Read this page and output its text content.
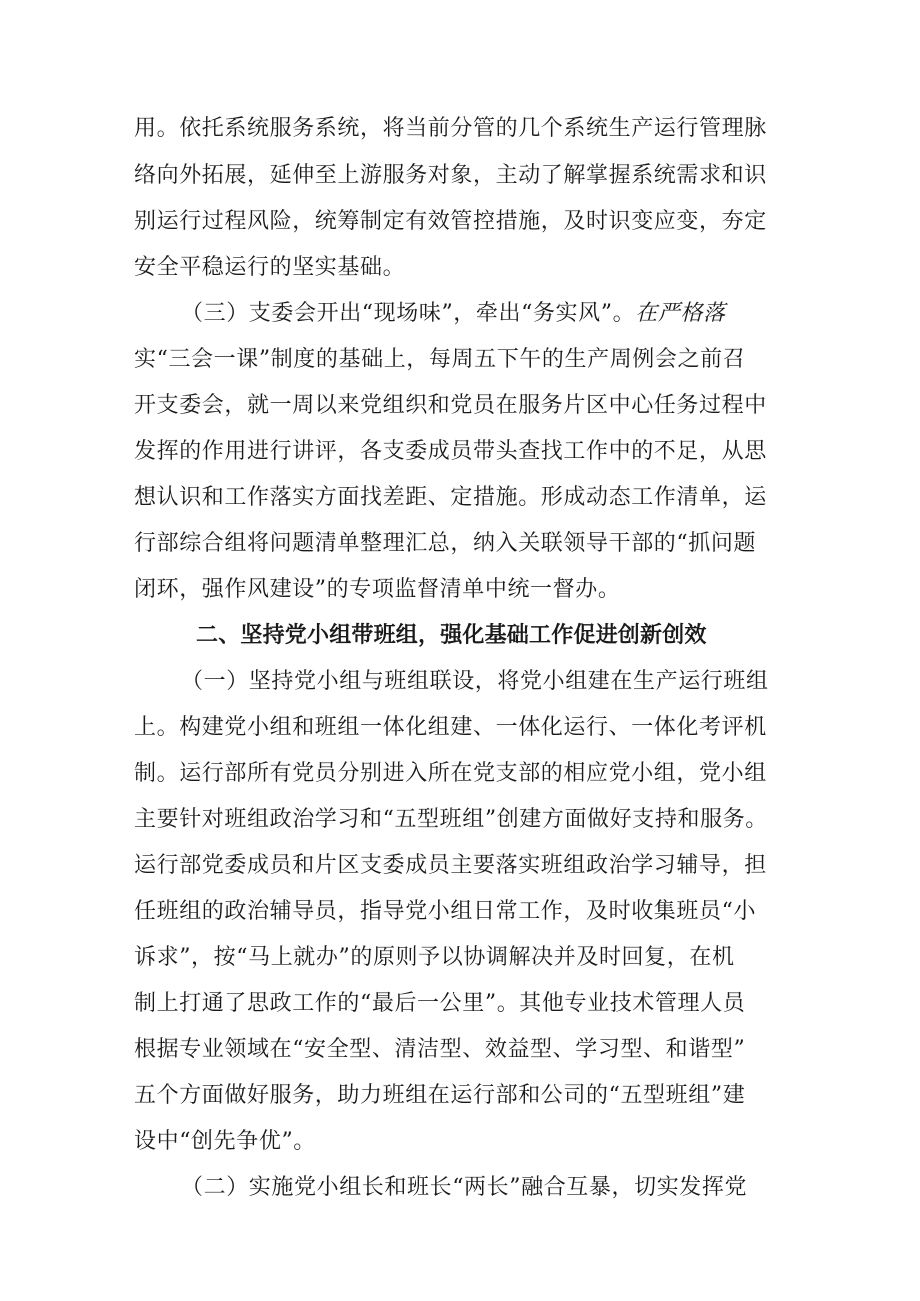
用。依托系统服务系统，将当前分管的几个系统生产运行管理脉
络向外拓展，延伸至上游服务对象，主动了解掌握系统需求和识
别运行过程风险，统筹制定有效管控措施，及时识变应变，夯定
安全平稳运行的坚实基础。
（三）支委会开出“现场味”，牵出“务实风”。在严格落
实“三会一课”制度的基础上，每周五下午的生产周例会之前召
开支委会，就一周以来党组织和党员在服务片区中心任务过程中
发挥的作用进行讲评，各支委成员带头查找工作中的不足，从思
想认识和工作落实方面找差距、定措施。形成动态工作清单，运
行部综合组将问题清单整理汇总，纳入关联领导干部的“抓问题
闭环，强作风建设”的专项监督清单中统一督办。
二、坚持党小组带班组，强化基础工作促进创新创效
（一）坚持党小组与班组联设，将党小组建在生产运行班组
上。构建党小组和班组一体化组建、一体化运行、一体化考评机
制。运行部所有党员分别进入所在党支部的相应党小组，党小组
主要针对班组政治学习和“五型班组”创建方面做好支持和服务。
运行部党委成员和片区支委成员主要落实班组政治学习辅导，担
任班组的政治辅导员，指导党小组日常工作，及时收集班员“小
诉求”，按“马上就办”的原则予以协调解决并及时回复，在机
制上打通了思政工作的“最后一公里”。其他专业技术管理人员
根据专业领域在“安全型、清洁型、效益型、学习型、和谐型”
五个方面做好服务，助力班组在运行部和公司的“五型班组”建
设中“创先争优”。
（二）实施党小组长和班长“两长”融合互暴，切实发挥党
